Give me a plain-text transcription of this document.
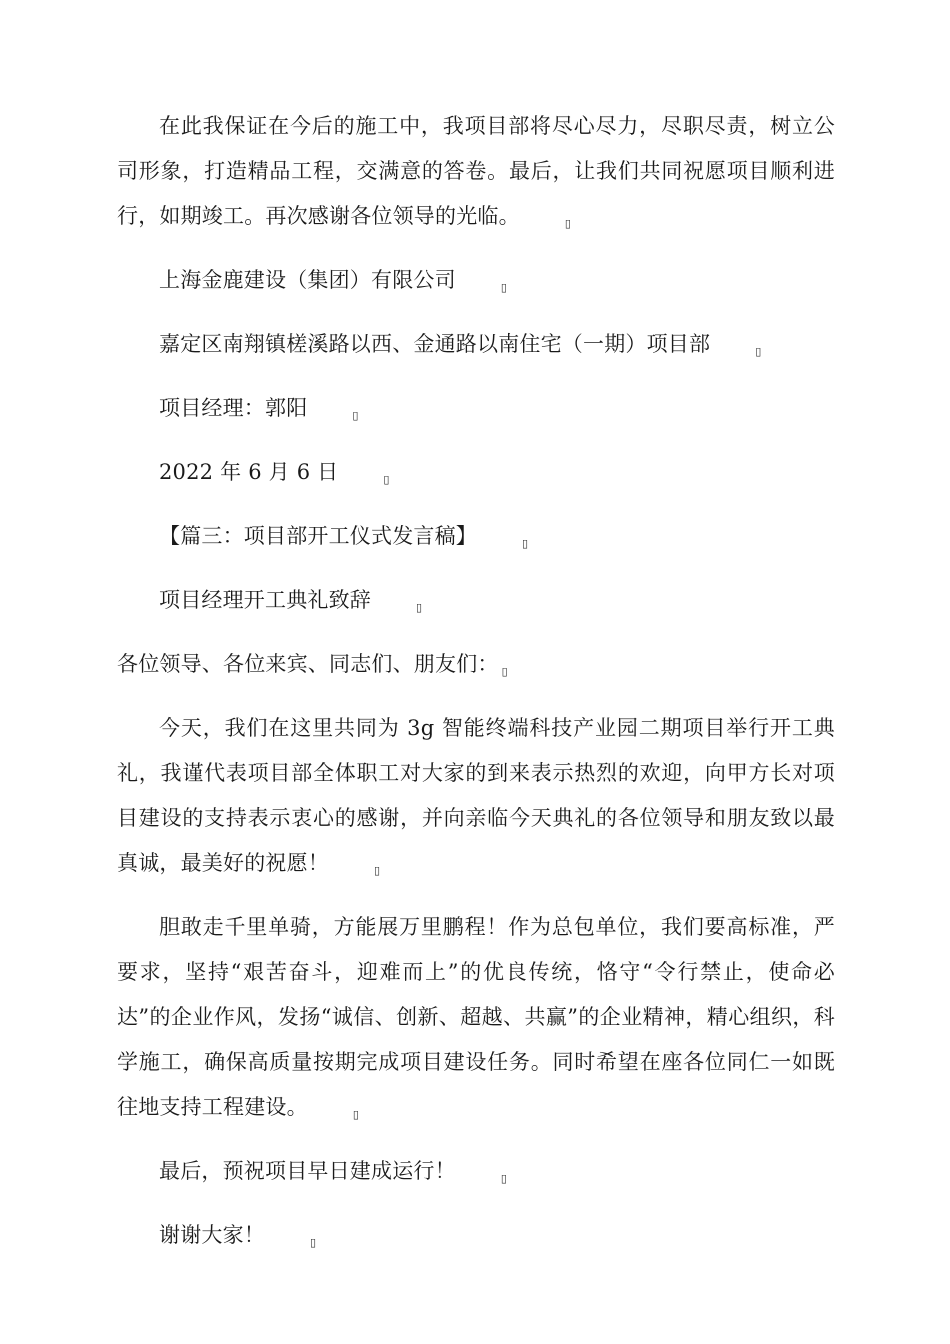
在此我保证在今后的施工中，我项目部将尽心尽力，尽职尽责，树立公司形象，打造精品工程，交满意的答卷。最后，让我们共同祝愿项目顺利进行，如期竣工。再次感谢各位领导的光临。	▯

上海金鹿建设（集团）有限公司	▯

嘉定区南翔镇槎溪路以西、金通路以南住宅（一期）项目部	▯

项目经理：郭阳	▯

2022 年 6 月 6 日	▯

【篇三：项目部开工仪式发言稿】	▯

项目经理开工典礼致辞	▯

各位领导、各位来宾、同志们、朋友们： ▯

今天，我们在这里共同为 3g 智能终端科技产业园二期项目举行开工典礼，我谨代表项目部全体职工对大家的到来表示热烈的欢迎，向甲方长对项目建设的支持表示衷心的感谢，并向亲临今天典礼的各位领导和朋友致以最真诚，最美好的祝愿！	▯

胆敢走千里单骑，方能展万里鹏程！作为总包单位，我们要高标准，严要求，坚持“艰苦奋斗，迎难而上”的优良传统，恪守“令行禁止，使命必达”的企业作风，发扬“诚信、创新、超越、共赢”的企业精神，精心组织，科学施工，确保高质量按期完成项目建设任务。同时希望在座各位同仁一如既往地支持工程建设。	▯

最后，预祝项目早日建成运行！	▯

谢谢大家！	▯
